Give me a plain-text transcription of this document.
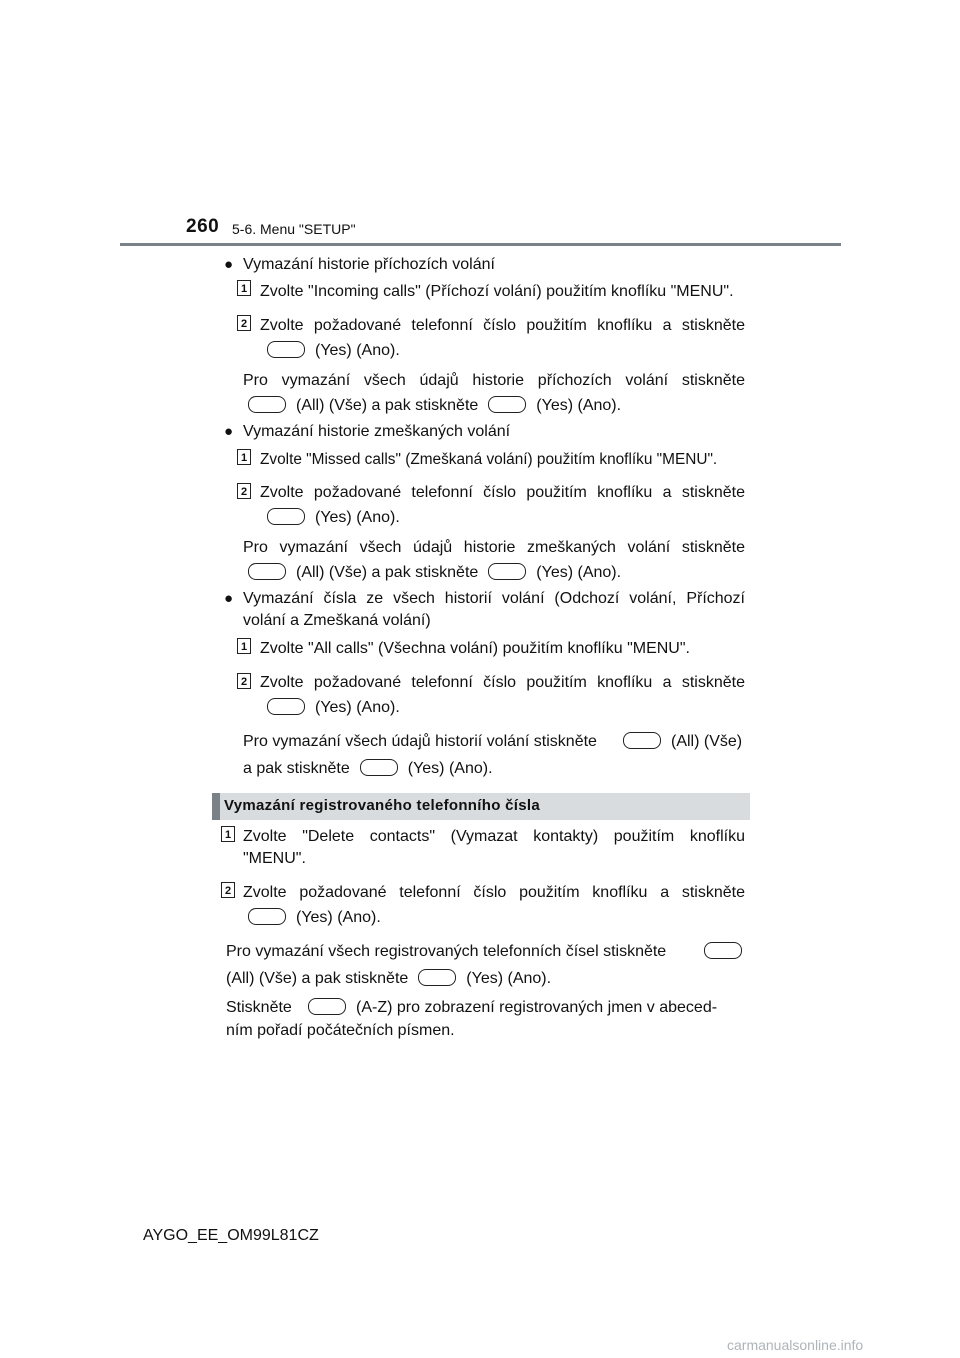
260 5-6. Menu "SETUP"
● Vymazání historie příchozích volání
1 Zvolte "Incoming calls" (Příchozí volání) použitím knoflíku "MENU".
2 Zvolte požadované telefonní číslo použitím knoflíku a stiskněte
(Yes) (Ano).
Pro vymazání všech údajů historie příchozích volání stiskněte
(All) (Vše) a pak stiskněte	(Yes) (Ano).
● Vymazání historie zmeškaných volání
1 Zvolte "Missed calls" (Zmeškaná volání) použitím knoflíku "MENU".
2 Zvolte požadované telefonní číslo použitím knoflíku a stiskněte
(Yes) (Ano).
Pro vymazání všech údajů historie zmeškaných volání stiskněte
(All) (Vše) a pak stiskněte	(Yes) (Ano).
● Vymazání čísla ze všech historií volání (Odchozí volání, Příchozí
volání a Zmeškaná volání)
1 Zvolte "All calls" (Všechna volání) použitím knoflíku "MENU".
2 Zvolte požadované telefonní číslo použitím knoflíku a stiskněte
(Yes) (Ano).
Pro vymazání všech údajů historií volání stiskněte	(All) (Vše)
a pak stiskněte	(Yes) (Ano).
Vymazání registrovaného telefonního čísla
1 Zvolte "Delete contacts" (Vymazat kontakty) použitím knoflíku
"MENU".
2 Zvolte požadované telefonní číslo použitím knoflíku a stiskněte
(Yes) (Ano).
Pro vymazání všech registrovaných telefonních čísel stiskněte
(All) (Vše) a pak stiskněte	(Yes) (Ano).
Stiskněte	(A-Z) pro zobrazení registrovaných jmen v abeced-
ním pořadí počátečních písmen.
AYGO_EE_OM99L81CZ
carmanualsonline.info
